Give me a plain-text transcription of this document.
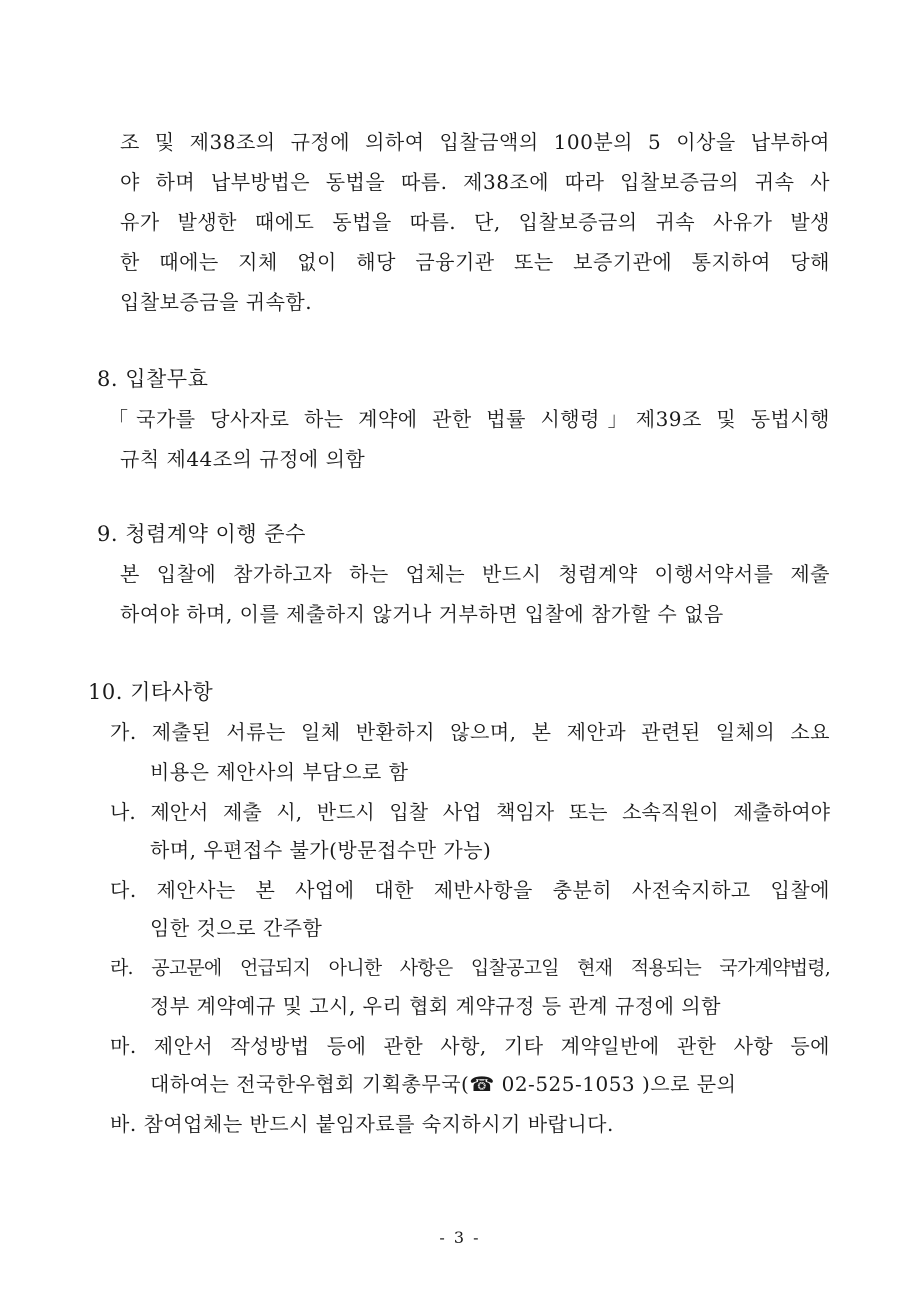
조 및 제38조의 규정에 의하여 입찰금액의 100분의 5 이상을 납부하여
야 하며 납부방법은 동법을 따름. 제38조에 따라 입찰보증금의 귀속 사
유가 발생한 때에도 동법을 따름. 단, 입찰보증금의 귀속 사유가 발생
한 때에는 지체 없이 해당 금융기관 또는 보증기관에 통지하여 당해
입찰보증금을 귀속함.
8. 입찰무효
「국가를 당사자로 하는 계약에 관한 법률 시행령」제39조 및 동법시행
규칙 제44조의 규정에 의함
9. 청렴계약 이행 준수
본 입찰에 참가하고자 하는 업체는 반드시 청렴계약 이행서약서를 제출
하여야 하며, 이를 제출하지 않거나 거부하면 입찰에 참가할 수 없음
10. 기타사항
가. 제출된 서류는 일체 반환하지 않으며, 본 제안과 관련된 일체의 소요
비용은 제안사의 부담으로 함
나. 제안서 제출 시, 반드시 입찰 사업 책임자 또는 소속직원이 제출하여야
하며, 우편접수 불가(방문접수만 가능)
다. 제안사는 본 사업에 대한 제반사항을 충분히 사전숙지하고 입찰에
임한 것으로 간주함
라. 공고문에 언급되지 아니한 사항은 입찰공고일 현재 적용되는 국가계약법령,
정부 계약예규 및 고시, 우리 협회 계약규정 등 관계 규정에 의함
마. 제안서 작성방법 등에 관한 사항, 기타 계약일반에 관한 사항 등에
대하여는 전국한우협회 기획총무국(☎ 02-525-1053 )으로 문의
바. 참여업체는 반드시 붙임자료를 숙지하시기 바랍니다.
- 3 -
